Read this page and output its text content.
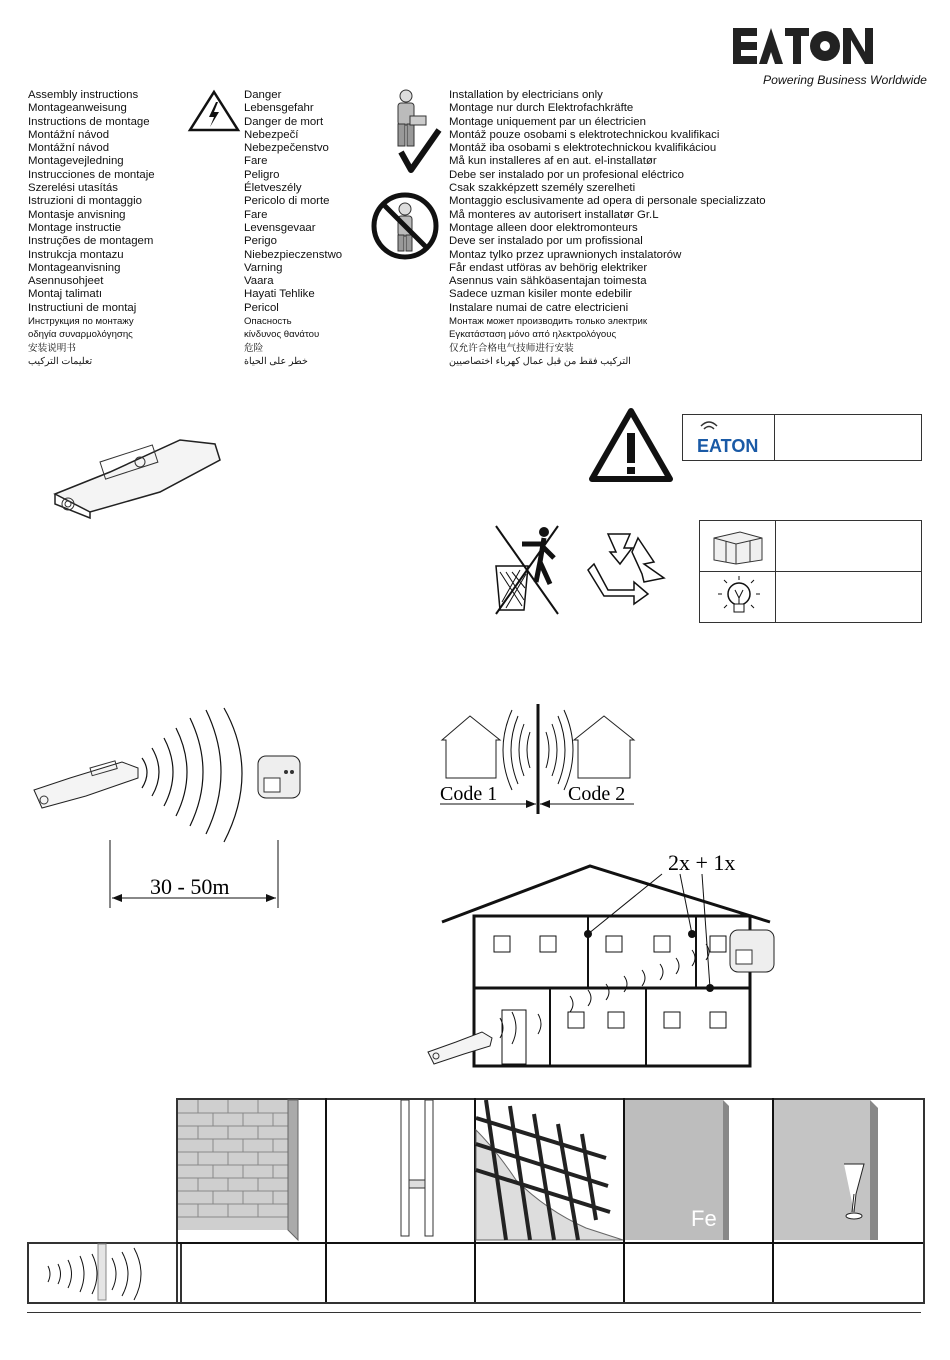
Powering Business Worldwide
Assembly instructions
Montageanweisung
Instructions de montage
Montážní návod
Montážní návod
Montagevejledning
Instrucciones de montaje
Szerelési utasítás
Istruzioni di montaggio
Montasje anvisning
Montage instructie
Instruções de montagem
Instrukcja montazu
Montageanvisning
Asennusohjeet
Montaj talimatı
Instructiuni de montaj
Инструкция по монтажу
οδηγία συναρμολόγησης
安装说明书
تعليمات التركيب
Danger
Lebensgefahr
Danger de mort
Nebezpečí
Nebezpečenstvo
Fare
Peligro
Életveszély
Pericolo di morte
Fare
Levensgevaar
Perigo
Niebezpieczenstwo
Varning
Vaara
Hayati Tehlike
Pericol
Опасность
κίνδυνος θανάτου
危险
خطر على الحياة
Installation by electricians only
Montage nur durch Elektrofachkräfte
Montage uniquement par un électricien
Montáž pouze osobami s elektrotechnickou kvalifikaci
Montáž iba osobami s elektrotechnickou kvalifikáciou
Må kun installeres af en aut. el-installatør
Debe ser instalado por un profesional eléctrico
Csak szakképzett személy szerelheti
Montaggio esclusivamente ad opera di personale specializzato
Må monteres av autorisert installatør Gr.L
Montage alleen door elektromonteurs
Deve ser instalado por um profissional
Montaz tylko przez uprawnionych instalatorów
Får endast utföras av behörig elektriker
Asennus vain sähköasentajan toimesta
Sadece uzman kisiler monte edebilir
Instalare numai de catre electricieni
Монтаж может производить только электрик
Εγκατάσταση μόνο από ηλεκτρολόγους
仅允许合格电气技师进行安装
التركيب فقط من قبل عمال كهرباء اختصاصيين
EATON
30 - 50m
Code 1	Code 2
2x + 1x
Fe
